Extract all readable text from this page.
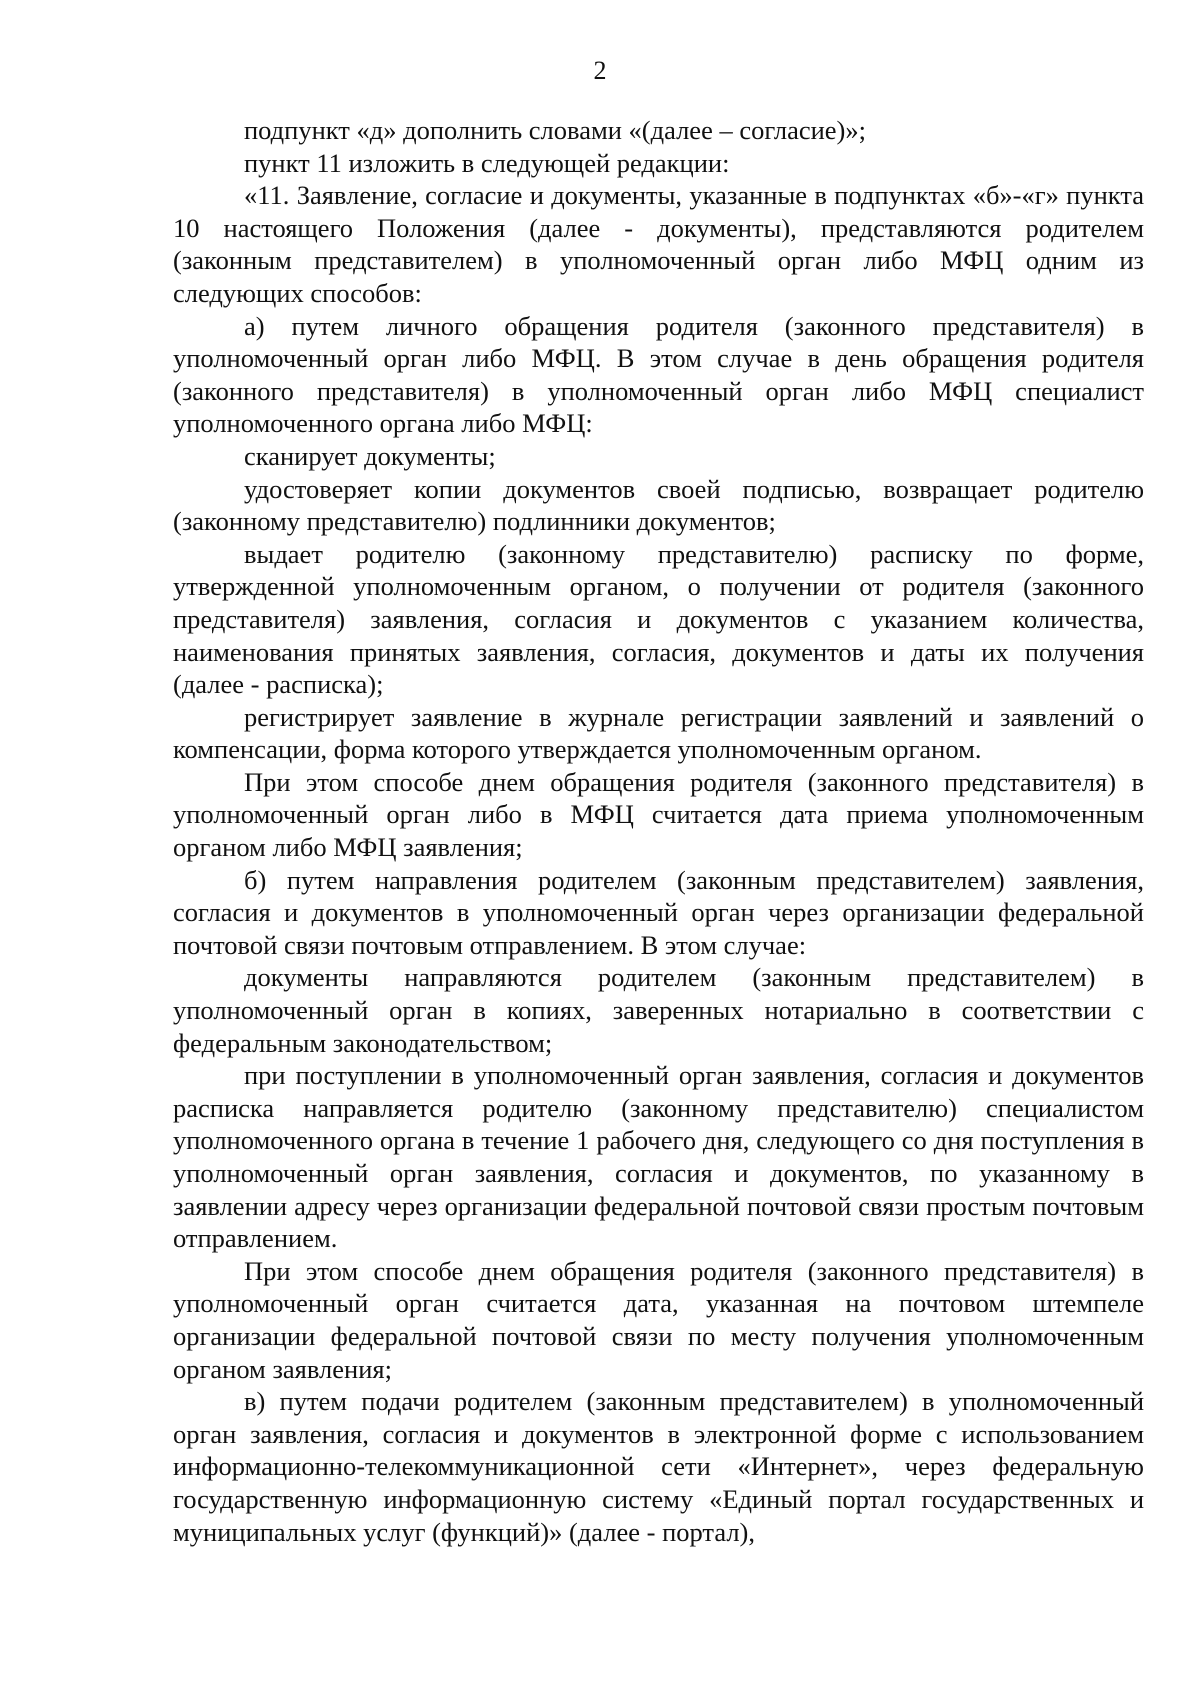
2

подпункт «д» дополнить словами «(далее – согласие)»;

пункт 11 изложить в следующей редакции:

«11. Заявление, согласие и документы, указанные в подпунктах «б»-«г» пункта 10 настоящего Положения (далее - документы), представляются родителем (законным представителем) в уполномоченный орган либо МФЦ одним из следующих способов:

а) путем личного обращения родителя (законного представителя) в уполномоченный орган либо МФЦ. В этом случае в день обращения родителя (законного представителя) в уполномоченный орган либо МФЦ специалист уполномоченного органа либо МФЦ:

сканирует документы;

удостоверяет копии документов своей подписью, возвращает родителю (законному представителю) подлинники документов;

выдает родителю (законному представителю) расписку по форме, утвержденной уполномоченным органом, о получении от родителя (законного представителя) заявления, согласия и документов с указанием количества, наименования принятых заявления, согласия, документов и даты их получения (далее - расписка);

регистрирует заявление в журнале регистрации заявлений и заявлений о компенсации, форма которого утверждается уполномоченным органом.

При этом способе днем обращения родителя (законного представителя) в уполномоченный орган либо в МФЦ считается дата приема уполномоченным органом либо МФЦ заявления;

б) путем направления родителем (законным представителем) заявления, согласия и документов в уполномоченный орган через организации федеральной почтовой связи почтовым отправлением. В этом случае:

документы направляются родителем (законным представителем) в уполномоченный орган в копиях, заверенных нотариально в соответствии с федеральным законодательством;

при поступлении в уполномоченный орган заявления, согласия и документов расписка направляется родителю (законному представителю) специалистом уполномоченного органа в течение 1 рабочего дня, следующего со дня поступления в уполномоченный орган заявления, согласия и документов, по указанному в заявлении адресу через организации федеральной почтовой связи простым почтовым отправлением.

При этом способе днем обращения родителя (законного представителя) в уполномоченный орган считается дата, указанная на почтовом штемпеле организации федеральной почтовой связи по месту получения уполномоченным органом заявления;

в) путем подачи родителем (законным представителем) в уполномоченный орган заявления, согласия и документов в электронной форме с использованием информационно-телекоммуникационной сети «Интернет», через федеральную государственную информационную систему «Единый портал государственных и муниципальных услуг (функций)» (далее - портал),
